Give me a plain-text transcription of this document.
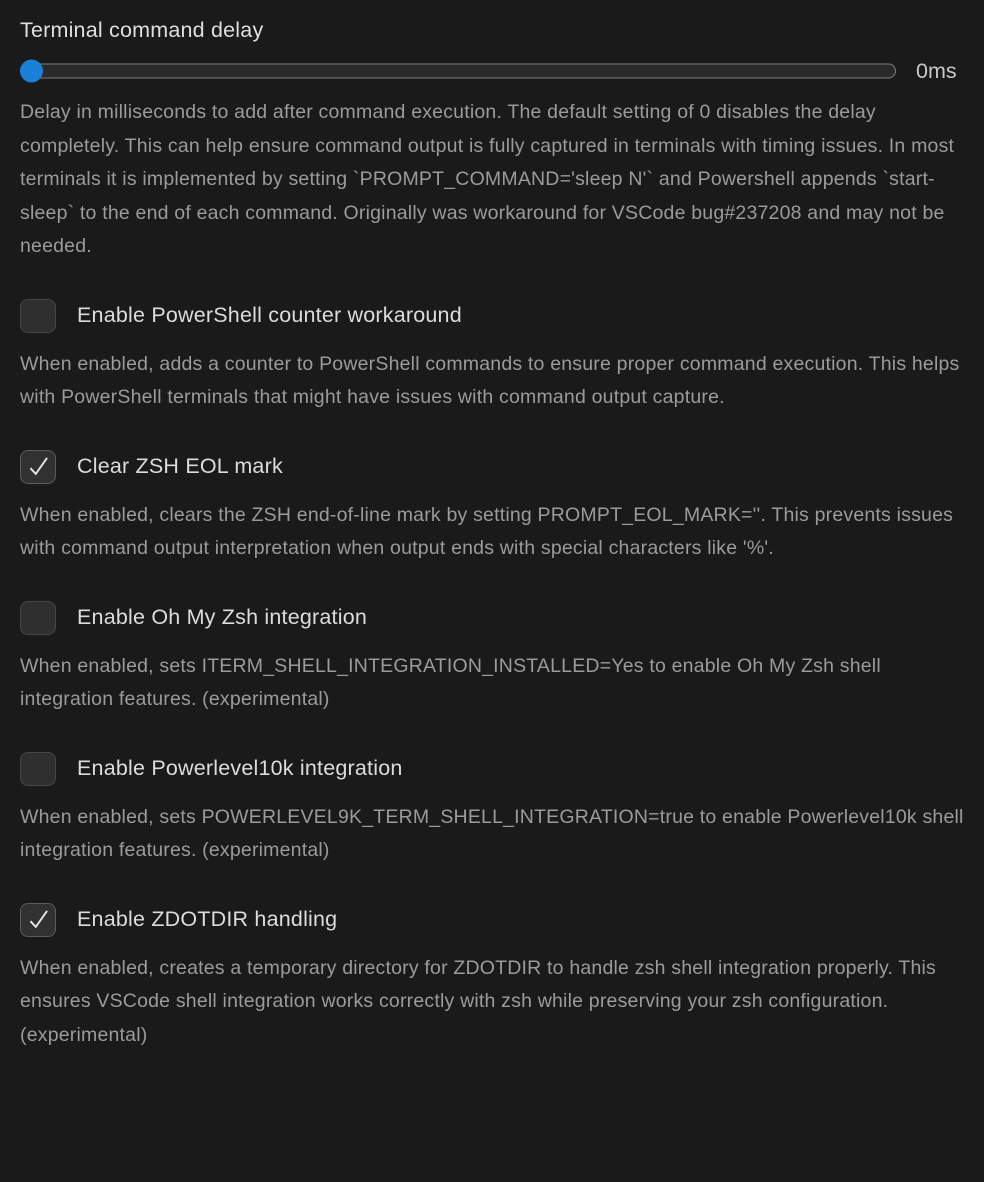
Terminal command delay
0ms
Delay in milliseconds to add after command execution. The default setting of 0 disables the delay completely. This can help ensure command output is fully captured in terminals with timing issues. In most terminals it is implemented by setting `PROMPT_COMMAND='sleep N'` and Powershell appends `start-sleep` to the end of each command. Originally was workaround for VSCode bug#237208 and may not be needed.
Enable PowerShell counter workaround
When enabled, adds a counter to PowerShell commands to ensure proper command execution. This helps with PowerShell terminals that might have issues with command output capture.
Clear ZSH EOL mark
When enabled, clears the ZSH end-of-line mark by setting PROMPT_EOL_MARK=''. This prevents issues with command output interpretation when output ends with special characters like '%'.
Enable Oh My Zsh integration
When enabled, sets ITERM_SHELL_INTEGRATION_INSTALLED=Yes to enable Oh My Zsh shell integration features. (experimental)
Enable Powerlevel10k integration
When enabled, sets POWERLEVEL9K_TERM_SHELL_INTEGRATION=true to enable Powerlevel10k shell integration features. (experimental)
Enable ZDOTDIR handling
When enabled, creates a temporary directory for ZDOTDIR to handle zsh shell integration properly. This ensures VSCode shell integration works correctly with zsh while preserving your zsh configuration. (experimental)
